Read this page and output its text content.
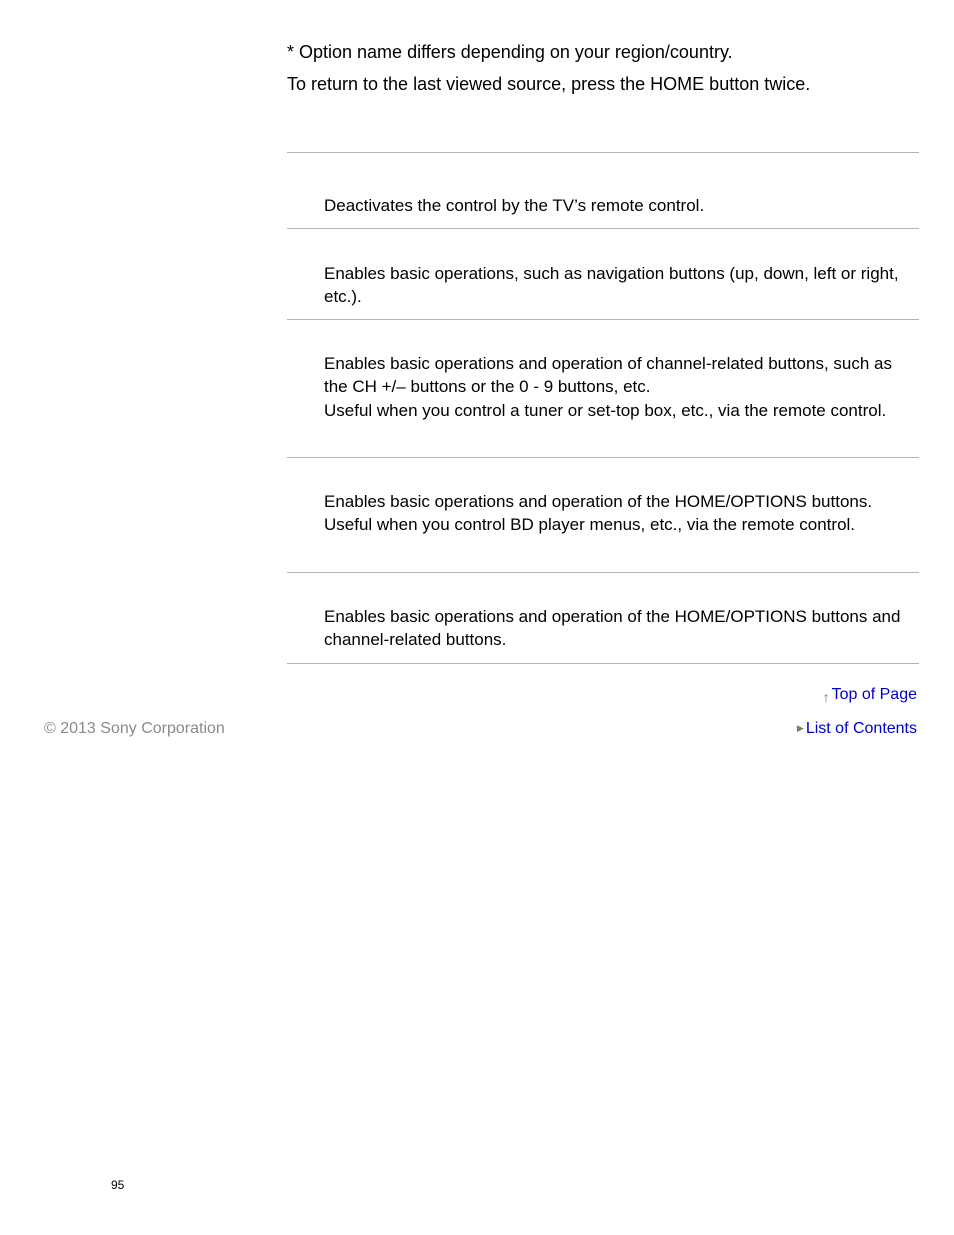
* Option name differs depending on your region/country.
To return to the last viewed source, press the HOME button twice.

Deactivates the control by the TV’s remote control.

Enables basic operations, such as navigation buttons (up, down, left or right, etc.).

Enables basic operations and operation of channel-related buttons, such as the CH +/– buttons or the 0 - 9 buttons, etc.
Useful when you control a tuner or set-top box, etc., via the remote control.

Enables basic operations and operation of the HOME/OPTIONS buttons.
Useful when you control BD player menus, etc., via the remote control.

Enables basic operations and operation of the HOME/OPTIONS buttons and channel-related buttons.

↑ Top of Page
© 2013 Sony Corporation	▶ List of Contents
95
